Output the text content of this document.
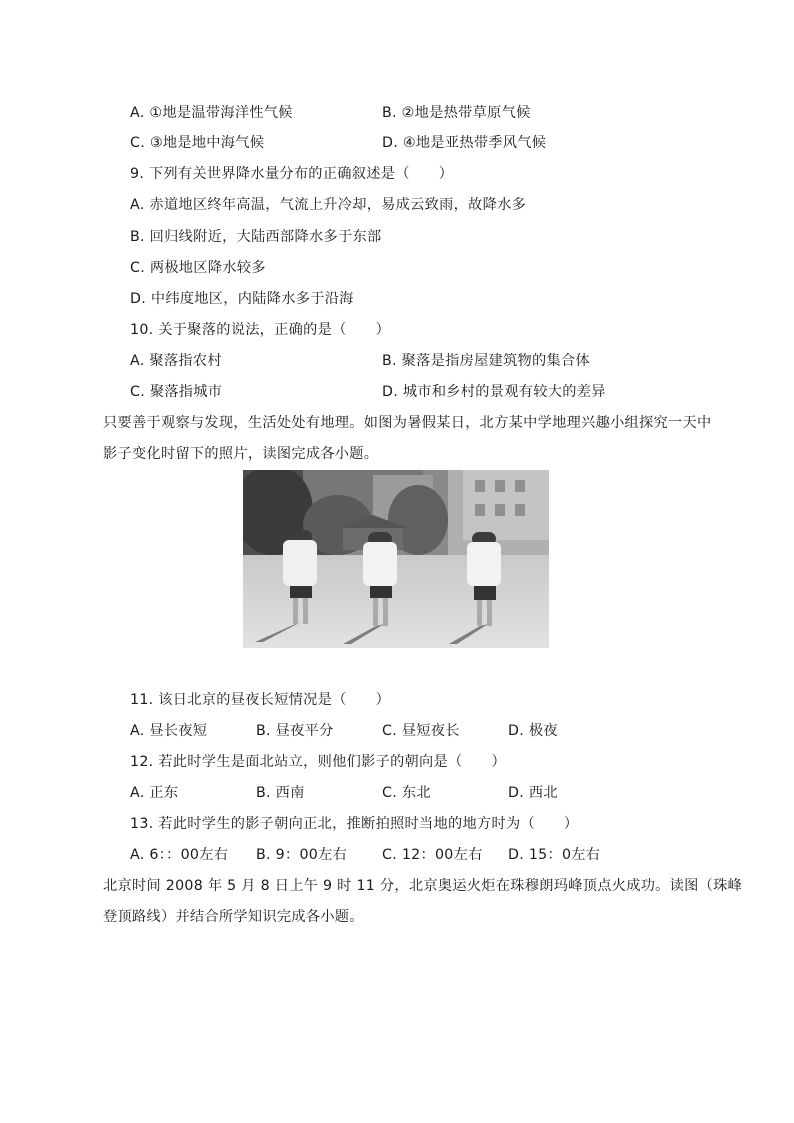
A. ①地是温带海洋性气候	B. ②地是热带草原气候
C. ③地是地中海气候	D. ④地是亚热带季风气候
9. 下列有关世界降水量分布的正确叙述是（　　）
A. 赤道地区终年高温，气流上升冷却，易成云致雨，故降水多
B. 回归线附近，大陆西部降水多于东部
C. 两极地区降水较多
D. 中纬度地区，内陆降水多于沿海
10. 关于聚落的说法，正确的是（　　）
A. 聚落指农村	B. 聚落是指房屋建筑物的集合体
C. 聚落指城市	D. 城市和乡村的景观有较大的差异
只要善于观察与发现，生活处处有地理。如图为暑假某日，北方某中学地理兴趣小组探究一天中
影子变化时留下的照片，读图完成各小题。
11. 该日北京的昼夜长短情况是（　　）
A. 昼长夜短	B. 昼夜平分	C. 昼短夜长	D. 极夜
12. 若此时学生是面北站立，则他们影子的朝向是（　　）
A. 正东	B. 西南	C. 东北	D. 西北
13. 若此时学生的影子朝向正北，推断拍照时当地的地方时为（　　）
A. 6：：00左右 B. 9：00左右 C. 12：00左右 D. 15：0左右
北京时间 2008 年 5 月 8 日上午 9 时 11 分，北京奥运火炬在珠穆朗玛峰顶点火成功。读图（珠峰
登顶路线）并结合所学知识完成各小题。
